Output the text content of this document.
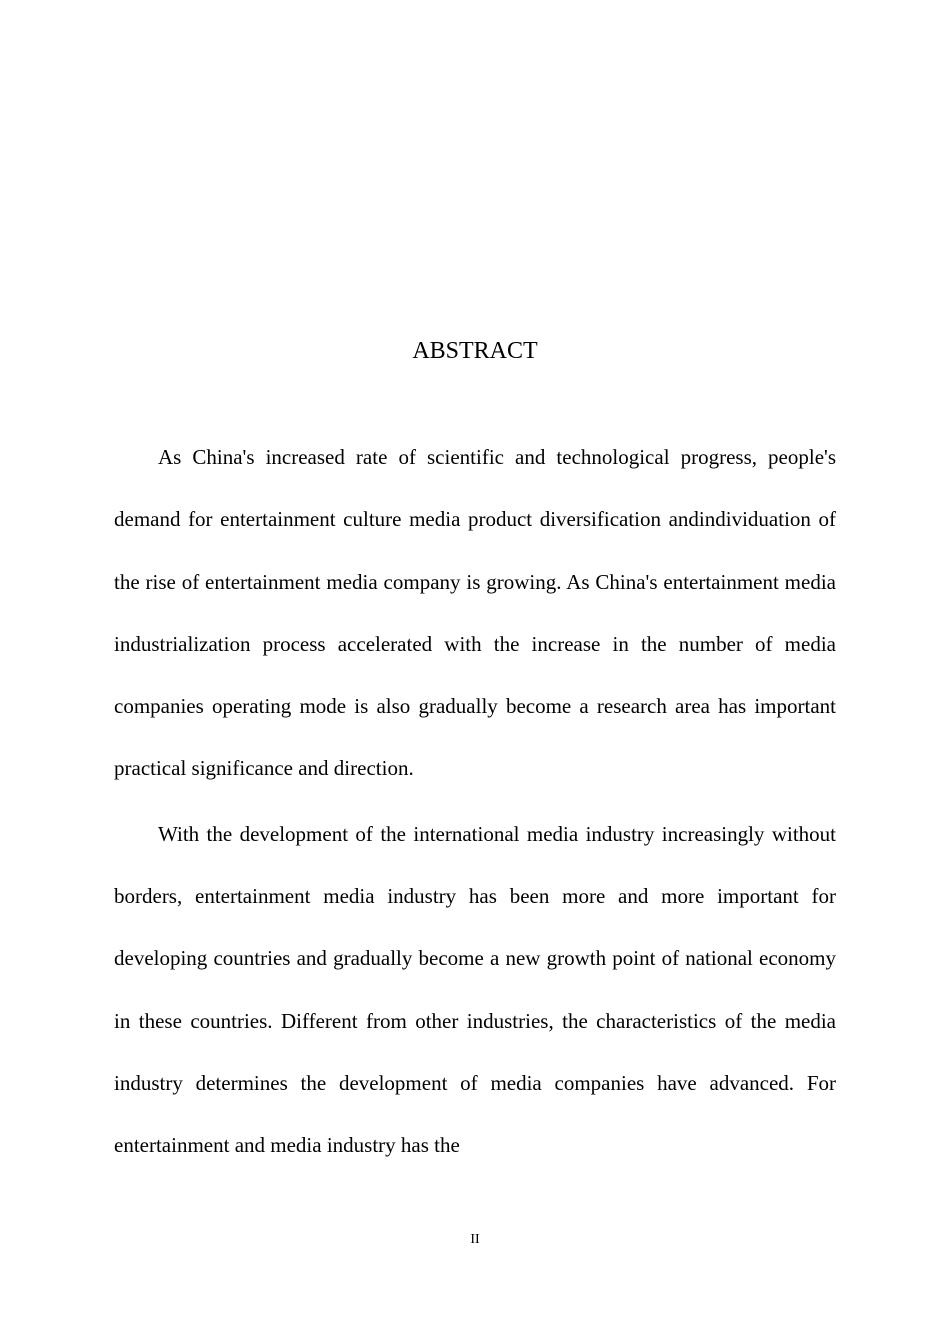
ABSTRACT

As China's increased rate of scientific and technological progress, people's demand for entertainment culture media product diversification andindividuation of the rise of entertainment media company is growing. As China's entertainment media industrialization process accelerated with the increase in the number of media companies operating mode is also gradually become a research area has important practical significance and direction.

With the development of the international media industry increasingly without borders, entertainment media industry has been more and more important for developing countries and gradually become a new growth point of national economy in these countries. Different from other industries, the characteristics of the media industry determines the development of media companies have advanced. For entertainment and media industry has the

II
